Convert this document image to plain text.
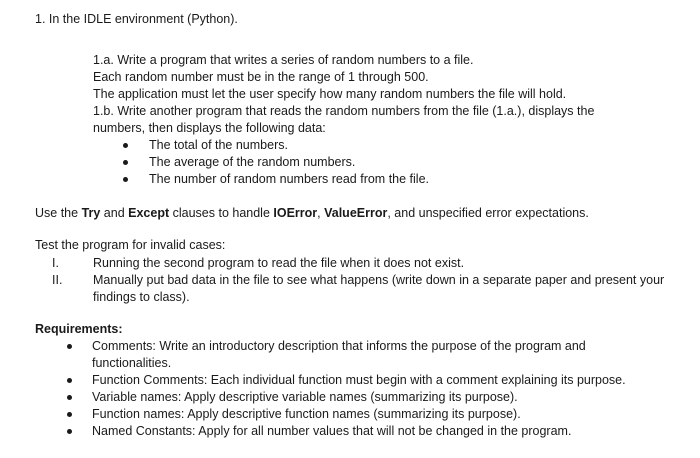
1. In the IDLE environment (Python).
1.a. Write a program that writes a series of random numbers to a file.
Each random number must be in the range of 1 through 500.
The application must let the user specify how many random numbers the file will hold.
1.b. Write another program that reads the random numbers from the file (1.a.), displays the
numbers, then displays the following data:
The total of the numbers.
The average of the random numbers.
The number of random numbers read from the file.
Use the Try and Except clauses to handle IOError, ValueError, and unspecified error expectations.
Test the program for invalid cases:
I.	Running the second program to read the file when it does not exist.
II. Manually put bad data in the file to see what happens (write down in a separate paper and present your findings to class).
Requirements:
Comments: Write an introductory description that informs the purpose of the program and functionalities.
Function Comments: Each individual function must begin with a comment explaining its purpose.
Variable names: Apply descriptive variable names (summarizing its purpose).
Function names: Apply descriptive function names (summarizing its purpose).
Named Constants: Apply for all number values that will not be changed in the program.
